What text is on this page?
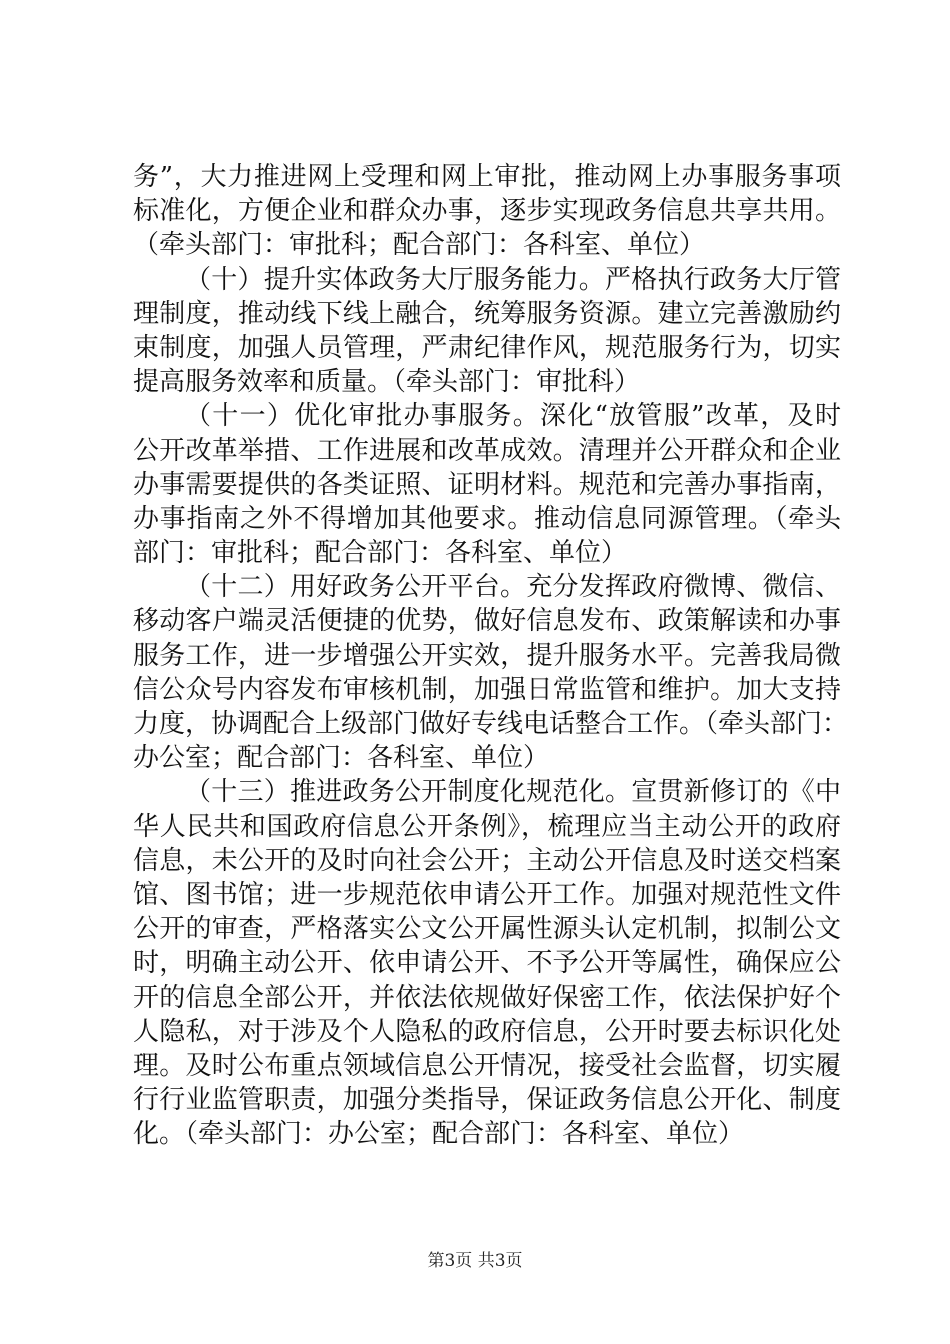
务”，大力推进网上受理和网上审批，推动网上办事服务事项
标准化，方便企业和群众办事，逐步实现政务信息共享共用。
（牵头部门：审批科；配合部门：各科室、单位）
（十）提升实体政务大厅服务能力。严格执行政务大厅管
理制度，推动线下线上融合，统筹服务资源。建立完善激励约
束制度，加强人员管理，严肃纪律作风，规范服务行为，切实
提高服务效率和质量。（牵头部门：审批科）
（十一）优化审批办事服务。深化“放管服”改革，及时
公开改革举措、工作进展和改革成效。清理并公开群众和企业
办事需要提供的各类证照、证明材料。规范和完善办事指南，
办事指南之外不得增加其他要求。推动信息同源管理。（牵头
部门：审批科；配合部门：各科室、单位）
（十二）用好政务公开平台。充分发挥政府微博、微信、
移动客户端灵活便捷的优势，做好信息发布、政策解读和办事
服务工作，进一步增强公开实效，提升服务水平。完善我局微
信公众号内容发布审核机制，加强日常监管和维护。加大支持
力度，协调配合上级部门做好专线电话整合工作。（牵头部门：
办公室；配合部门：各科室、单位）
（十三）推进政务公开制度化规范化。宣贯新修订的《中
华人民共和国政府信息公开条例》，梳理应当主动公开的政府
信息，未公开的及时向社会公开；主动公开信息及时送交档案
馆、图书馆；进一步规范依申请公开工作。加强对规范性文件
公开的审查，严格落实公文公开属性源头认定机制，拟制公文
时，明确主动公开、依申请公开、不予公开等属性，确保应公
开的信息全部公开，并依法依规做好保密工作，依法保护好个
人隐私，对于涉及个人隐私的政府信息，公开时要去标识化处
理。及时公布重点领域信息公开情况，接受社会监督，切实履
行行业监管职责，加强分类指导，保证政务信息公开化、制度
化。（牵头部门：办公室；配合部门：各科室、单位）
第3页 共3页
